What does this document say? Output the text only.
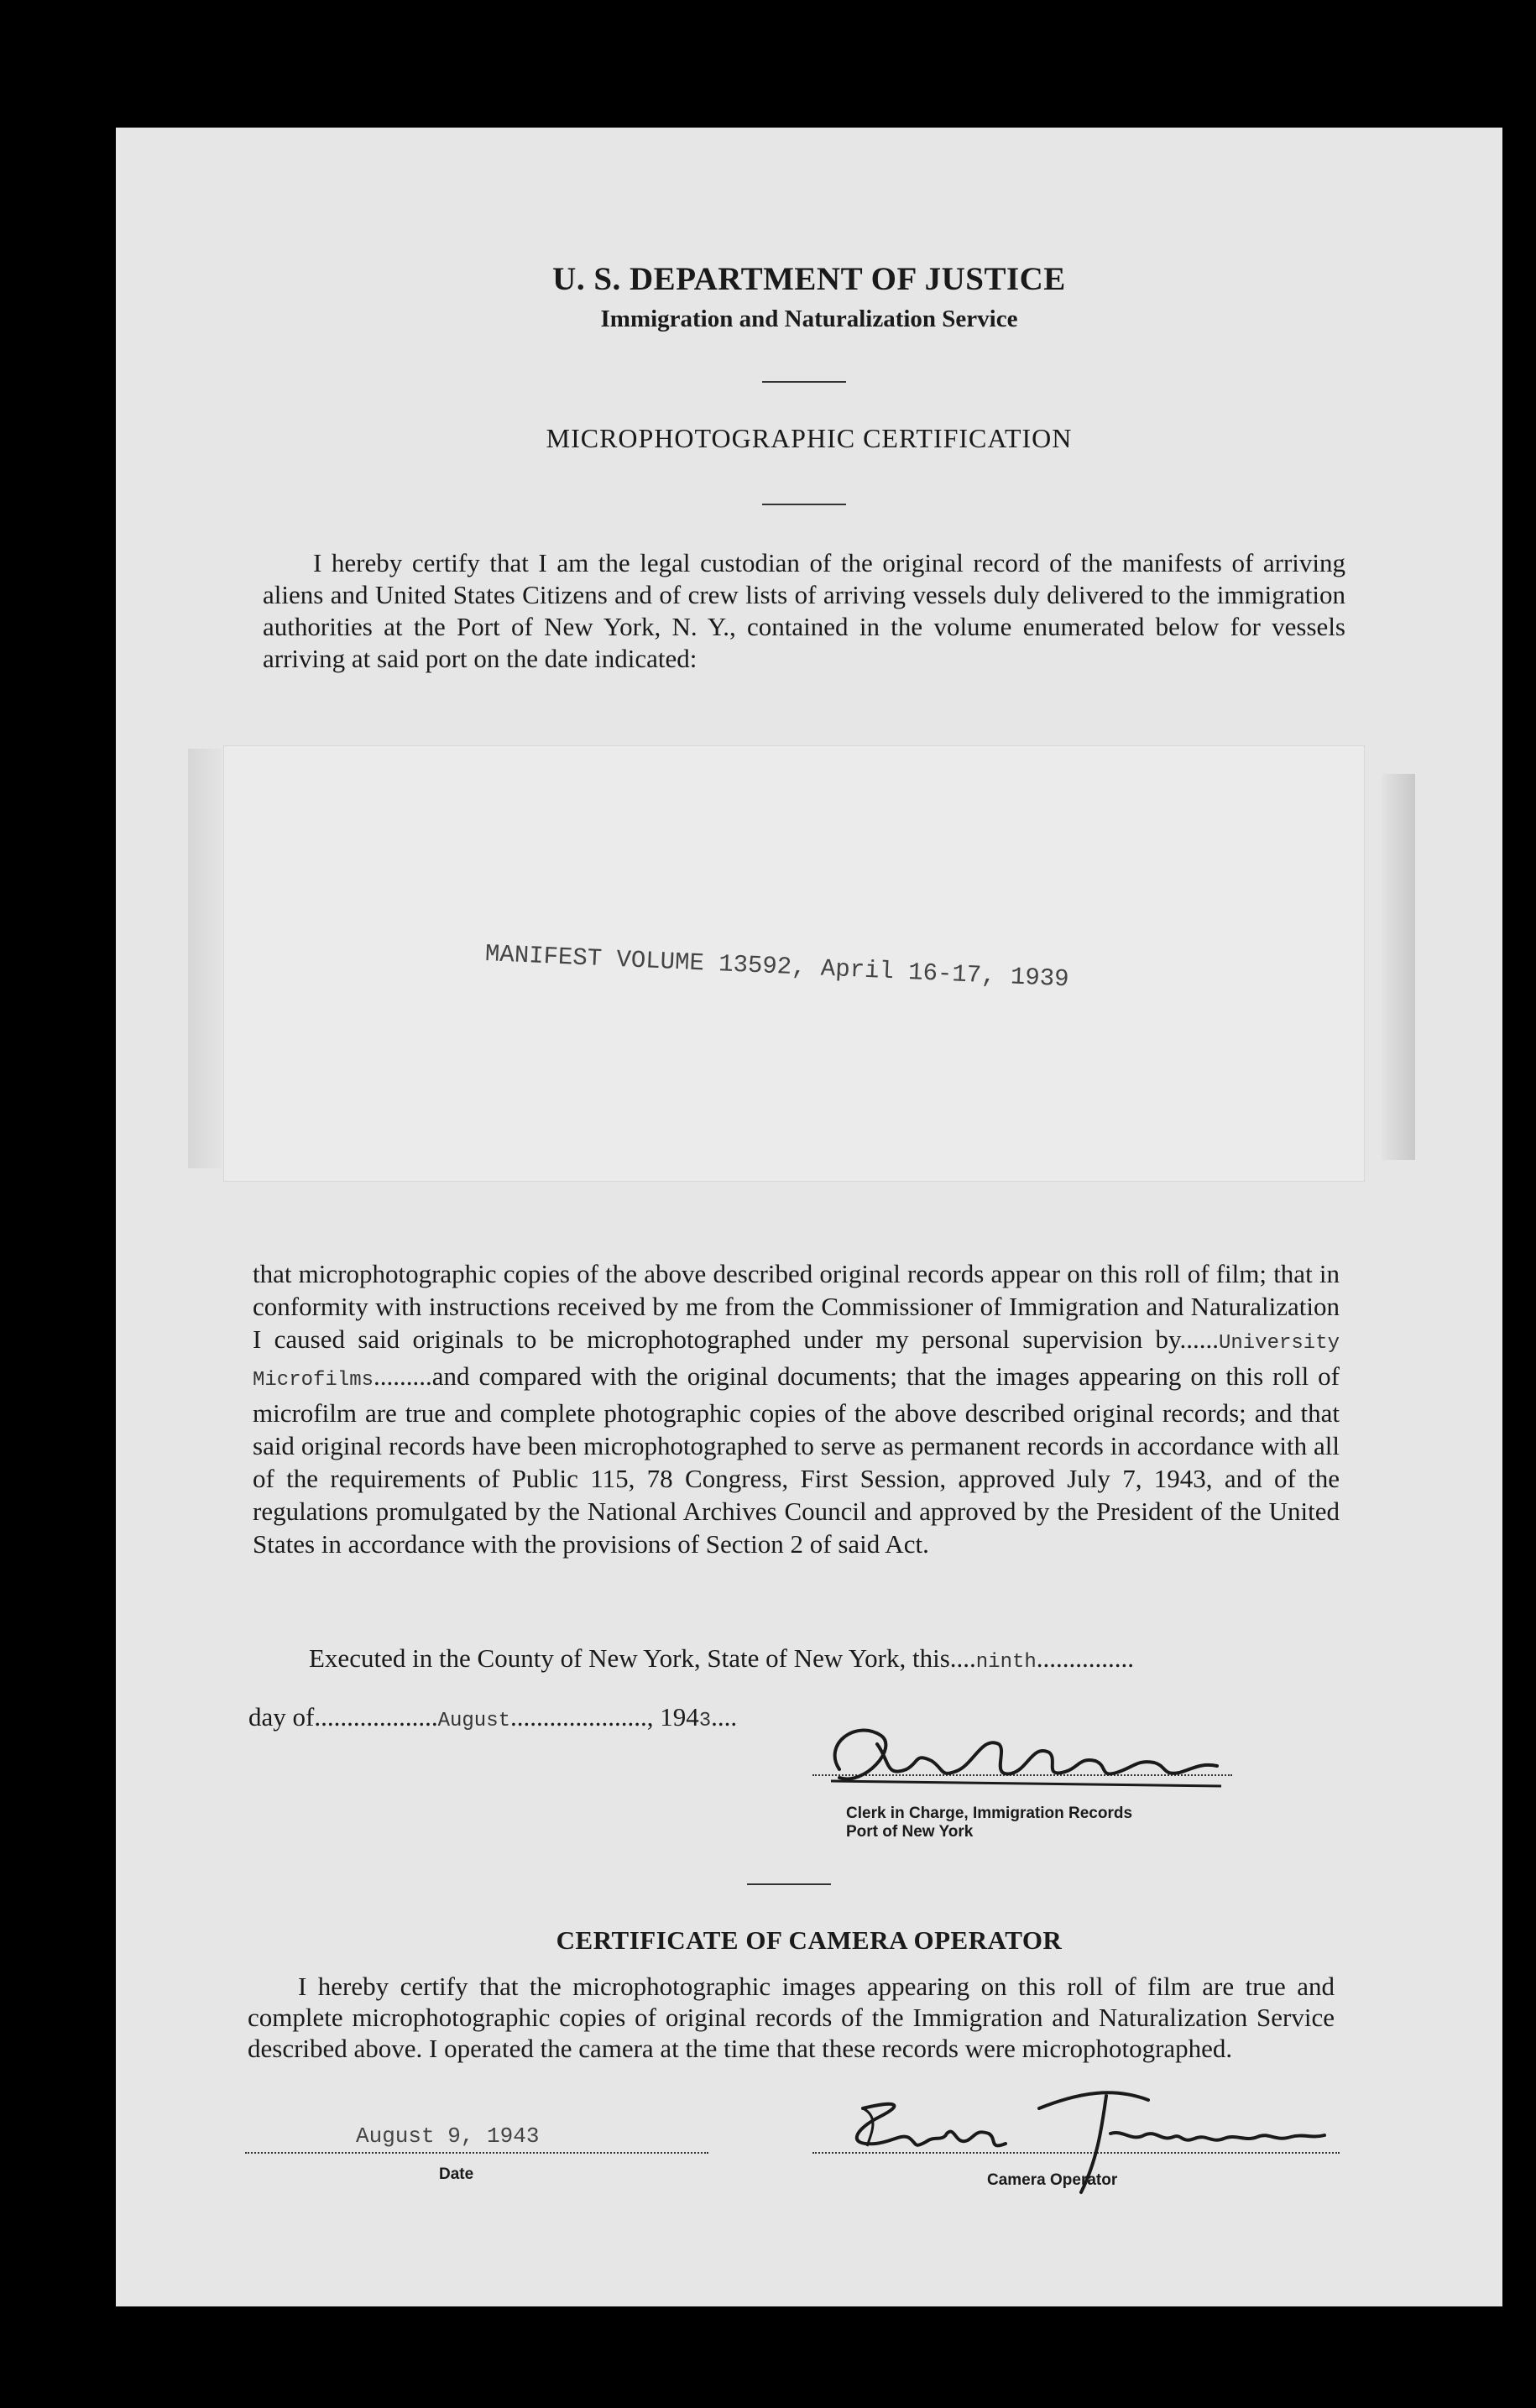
U. S. DEPARTMENT OF JUSTICE
Immigration and Naturalization Service
MICROPHOTOGRAPHIC CERTIFICATION
I hereby certify that I am the legal custodian of the original record of the manifests of arriving aliens and United States Citizens and of crew lists of arriving vessels duly delivered to the immigration authorities at the Port of New York, N. Y., contained in the volume enumerated below for vessels arriving at said port on the date indicated:
MANIFEST VOLUME 13592, April 16-17, 1939
that microphotographic copies of the above described original records appear on this roll of film; that in conformity with instructions received by me from the Commissioner of Immigration and Naturalization I caused said originals to be microphotographed under my personal supervision by......University Microfilms.........and compared with the original documents; that the images appearing on this roll of microfilm are true and complete photographic copies of the above described original records; and that said original records have been microphotographed to serve as permanent records in accordance with all of the requirements of Public 115, 78 Congress, First Session, approved July 7, 1943, and of the regulations promulgated by the National Archives Council and approved by the President of the United States in accordance with the provisions of Section 2 of said Act.
Executed in the County of New York, State of New York, this....ninth...............
day of...................August....................., 1943....
Clerk in Charge, Immigration Records
Port of New York
CERTIFICATE OF CAMERA OPERATOR
I hereby certify that the microphotographic images appearing on this roll of film are true and complete microphotographic copies of original records of the Immigration and Naturalization Service described above. I operated the camera at the time that these records were microphotographed.
August 9, 1943
Date	Camera Operator
